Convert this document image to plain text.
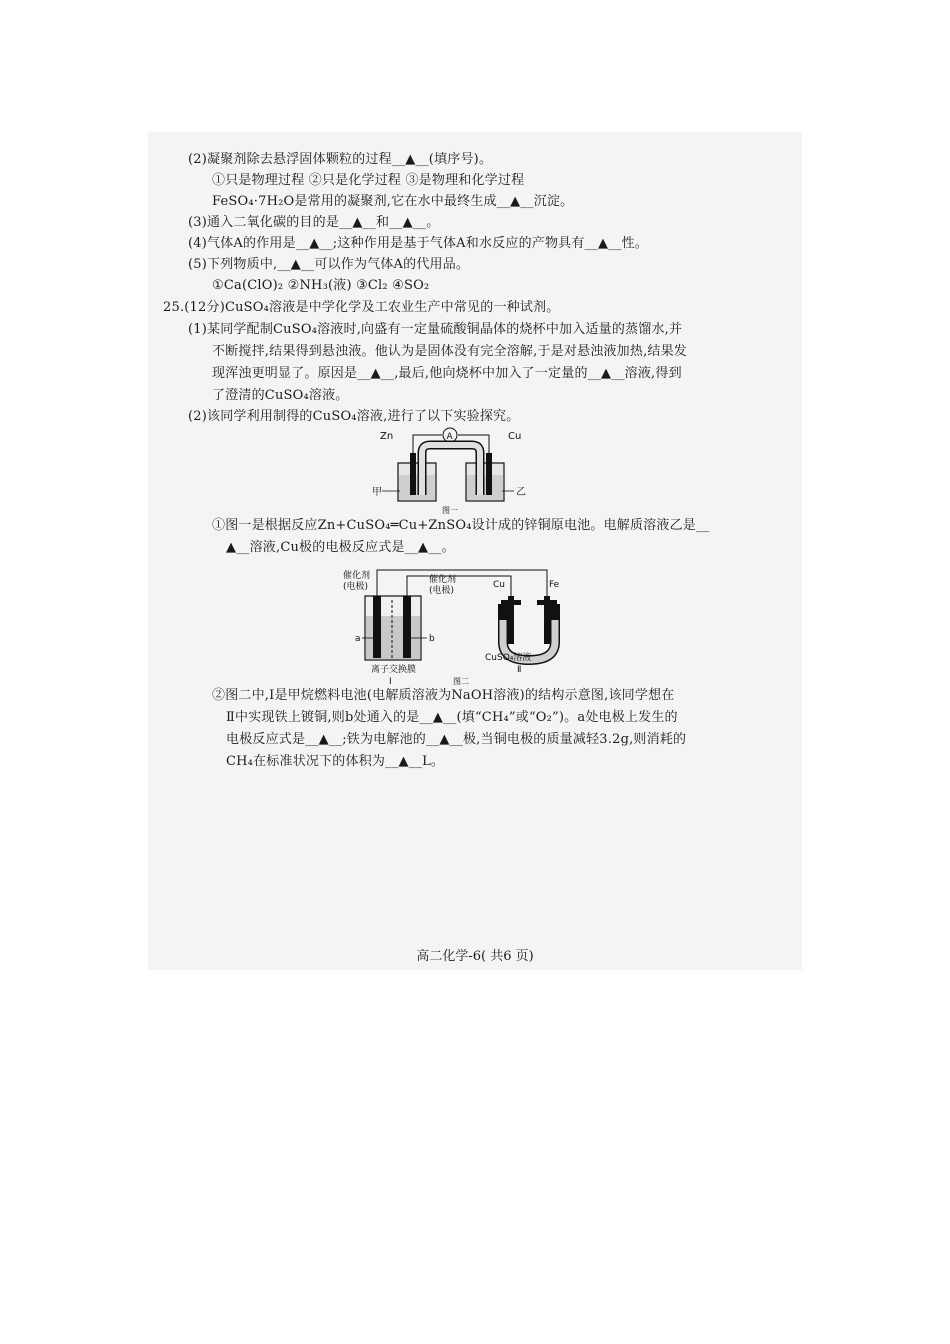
(2)凝聚剂除去悬浮固体颗粒的过程__▲__(填序号)。
①只是物理过程 ②只是化学过程 ③是物理和化学过程
FeSO₄·7H₂O是常用的凝聚剂,它在水中最终生成__▲__沉淀。
(3)通入二氧化碳的目的是__▲__和__▲__。
(4)气体A的作用是__▲__;这种作用是基于气体A和水反应的产物具有__▲__性。
(5)下列物质中,__▲__可以作为气体A的代用品。
①Ca(ClO)₂ ②NH₃(液) ③Cl₂ ④SO₂
25.(12分)CuSO₄溶液是中学化学及工农业生产中常见的一种试剂。
(1)某同学配制CuSO₄溶液时,向盛有一定量硫酸铜晶体的烧杯中加入适量的蒸馏水,并
不断搅拌,结果得到悬浊液。他认为是固体没有完全溶解,于是对悬浊液加热,结果发
现浑浊更明显了。原因是__▲__,最后,他向烧杯中加入了一定量的__▲__溶液,得到
了澄清的CuSO₄溶液。
(2)该同学利用制得的CuSO₄溶液,进行了以下实验探究。
Zn	Cu
A
甲	乙
图一
①图一是根据反应Zn+CuSO₄═Cu+ZnSO₄设计成的锌铜原电池。电解质溶液乙是__
▲__溶液,Cu极的电极反应式是__▲__。
催化剂
(电极)
催化剂
(电极)
Cu	Fe
a	b
离子交换膜
I
CuSO₄溶液
Ⅱ
图二
②图二中,Ⅰ是甲烷燃料电池(电解质溶液为NaOH溶液)的结构示意图,该同学想在
Ⅱ中实现铁上镀铜,则b处通入的是__▲__(填“CH₄”或“O₂”)。a处电极上发生的
电极反应式是__▲__;铁为电解池的__▲__极,当铜电极的质量减轻3.2g,则消耗的
CH₄在标准状况下的体积为__▲__L。
高二化学-6( 共6 页)
